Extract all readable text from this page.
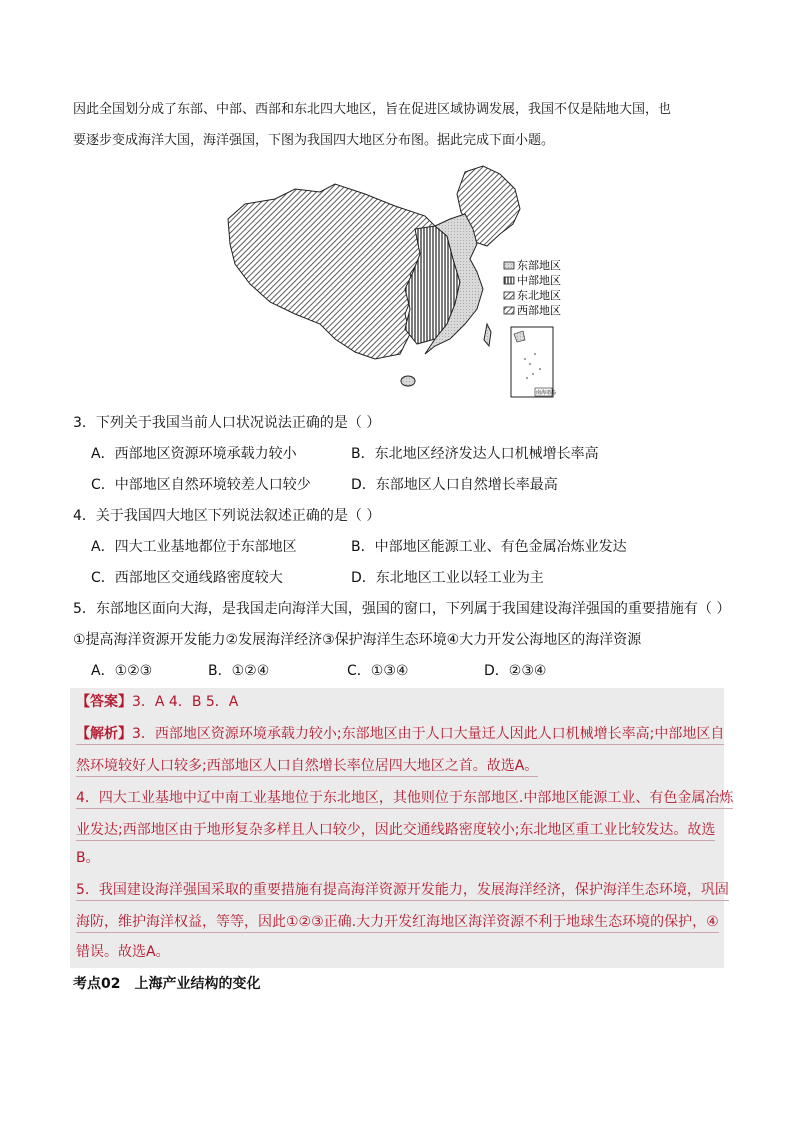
因此全国划分成了东部、中部、西部和东北四大地区，旨在促进区域协调发展，我国不仅是陆地大国，也
要逐步变成海洋大国，海洋强国，下图为我国四大地区分布图。据此完成下面小题。
东部地区
中部地区
东北地区
西部地区
南海诸岛
3．下列关于我国当前人口状况说法正确的是（ ）
A．西部地区资源环境承载力较小	B．东北地区经济发达人口机械增长率高
C．中部地区自然环境较差人口较少	D．东部地区人口自然增长率最高
4．关于我国四大地区下列说法叙述正确的是（ ）
A．四大工业基地都位于东部地区	B．中部地区能源工业、有色金属冶炼业发达
C．西部地区交通线路密度较大	D．东北地区工业以轻工业为主
5．东部地区面向大海，是我国走向海洋大国，强国的窗口，下列属于我国建设海洋强国的重要措施有（ ）
①提高海洋资源开发能力②发展海洋经济③保护海洋生态环境④大力开发公海地区的海洋资源
A．①②③	B．①②④	C．①③④	D．②③④
【答案】3．A 4．B 5．A
【解析】3．西部地区资源环境承载力较小;东部地区由于人口大量迁人因此人口机械增长率高;中部地区自
然环境较好人口较多;西部地区人口自然增长率位居四大地区之首。故选A。
4．四大工业基地中辽中南工业基地位于东北地区，其他则位于东部地区.中部地区能源工业、有色金属冶炼
业发达;西部地区由于地形复杂多样且人口较少，因此交通线路密度较小;东北地区重工业比较发达。故选
B。
5．我国建设海洋强国采取的重要措施有提高海洋资源开发能力，发展海洋经济，保护海洋生态环境，巩固
海防，维护海洋权益，等等，因此①②③正确.大力开发红海地区海洋资源不利于地球生态环境的保护，④
错误。故选A。
考点02 上海产业结构的变化
